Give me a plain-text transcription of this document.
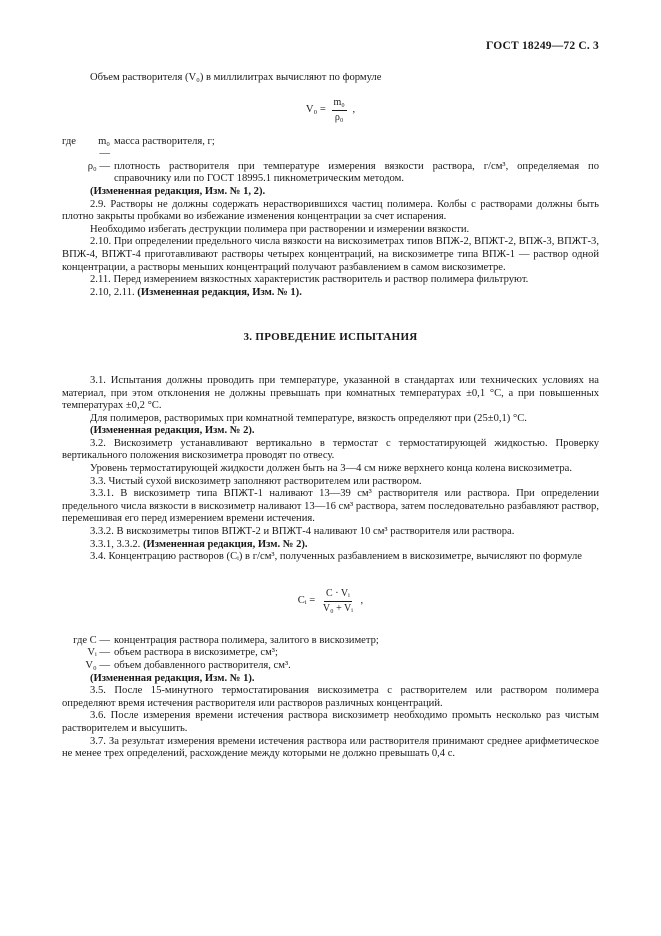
ГОСТ 18249—72 С. 3

Объем растворителя (V₀) в миллилитрах вычисляют по формуле

$V_0 = \frac{\text{m₀}}{\text{ρ₀}}$ ,
где	m₀ —
масса растворителя, г;
ρ₀ — плотность растворителя при температуре измерения вязкости раствора, г/см³, определяемая по справочнику или по ГОСТ 18995.1 пикнометрическим методом.

(Измененная редакция, Изм. № 1, 2).

2.9. Растворы не должны содержать нерастворившихся частиц полимера. Колбы с растворами должны быть плотно закрыты пробками во избежание изменения концентрации за счет испарения.

Необходимо избегать деструкции полимера при растворении и измерении вязкости.

2.10. При определении предельного числа вязкости на вискозиметрах типов ВПЖ-2, ВПЖТ-2, ВПЖ-3, ВПЖТ-3, ВПЖ-4, ВПЖТ-4 приготавливают растворы четырех концентраций, на вискозиметре типа ВПЖ-1 — раствор одной концентрации, а растворы меньших концентраций получают разбавлением в самом вискозиметре.

2.11. Перед измерением вязкостных характеристик растворитель и раствор полимера фильтруют.

2.10, 2.11. (Измененная редакция, Изм. № 1).

3. ПРОВЕДЕНИЕ ИСПЫТАНИЯ

3.1. Испытания должны проводить при температуре, указанной в стандартах или технических условиях на материал, при этом отклонения не должны превышать при комнатных температурах ±0,1 °С, а при повышенных температурах ±0,2 °С.

Для полимеров, растворимых при комнатной температуре, вязкость определяют при (25±0,1) °С.

(Измененная редакция, Изм. № 2).

3.2. Вискозиметр устанавливают вертикально в термостат с термостатирующей жидкостью. Проверку вертикального положения вискозиметра проводят по отвесу.

Уровень термостатирующей жидкости должен быть на 3—4 см ниже верхнего конца колена вискозиметра.

3.3. Чистый сухой вискозиметр заполняют растворителем или раствором.

3.3.1. В вискозиметр типа ВПЖТ-1 наливают 13—39 см³ растворителя или раствора. При определении предельного числа вязкости в вискозиметр наливают 13—16 см³ раствора, затем последовательно разбавляют раствор, перемешивая его перед измерением времени истечения.

3.3.2. В вискозиметры типов ВПЖТ-2 и ВПЖТ-4 наливают 10 см³ растворителя или раствора.

3.3.1, 3.3.2. (Измененная редакция, Изм. № 2).

3.4. Концентрацию растворов (Cᵢ) в г/см³, полученных разбавлением в вискозиметре, вычисляют по формуле

Cᵢ = $\frac{\text{C · Vᵢ}}{\text{V₀ + Vᵢ}}$ ,
где C — концентрация раствора полимера, залитого в вискозиметр;
Vᵢ — объем раствора в вискозиметре, см³;
V₀ — объем добавленного растворителя, см³.

(Измененная редакция, Изм. № 1).

3.5. После 15-минутного термостатирования вискозиметра с растворителем или раствором полимера определяют время истечения растворителя или растворов различных концентраций.

3.6. После измерения времени истечения раствора вискозиметр необходимо промыть несколько раз чистым растворителем и высушить.

3.7. За результат измерения времени истечения раствора или растворителя принимают среднее арифметическое не менее трех определений, расхождение между которыми не должно превышать 0,4 с.
